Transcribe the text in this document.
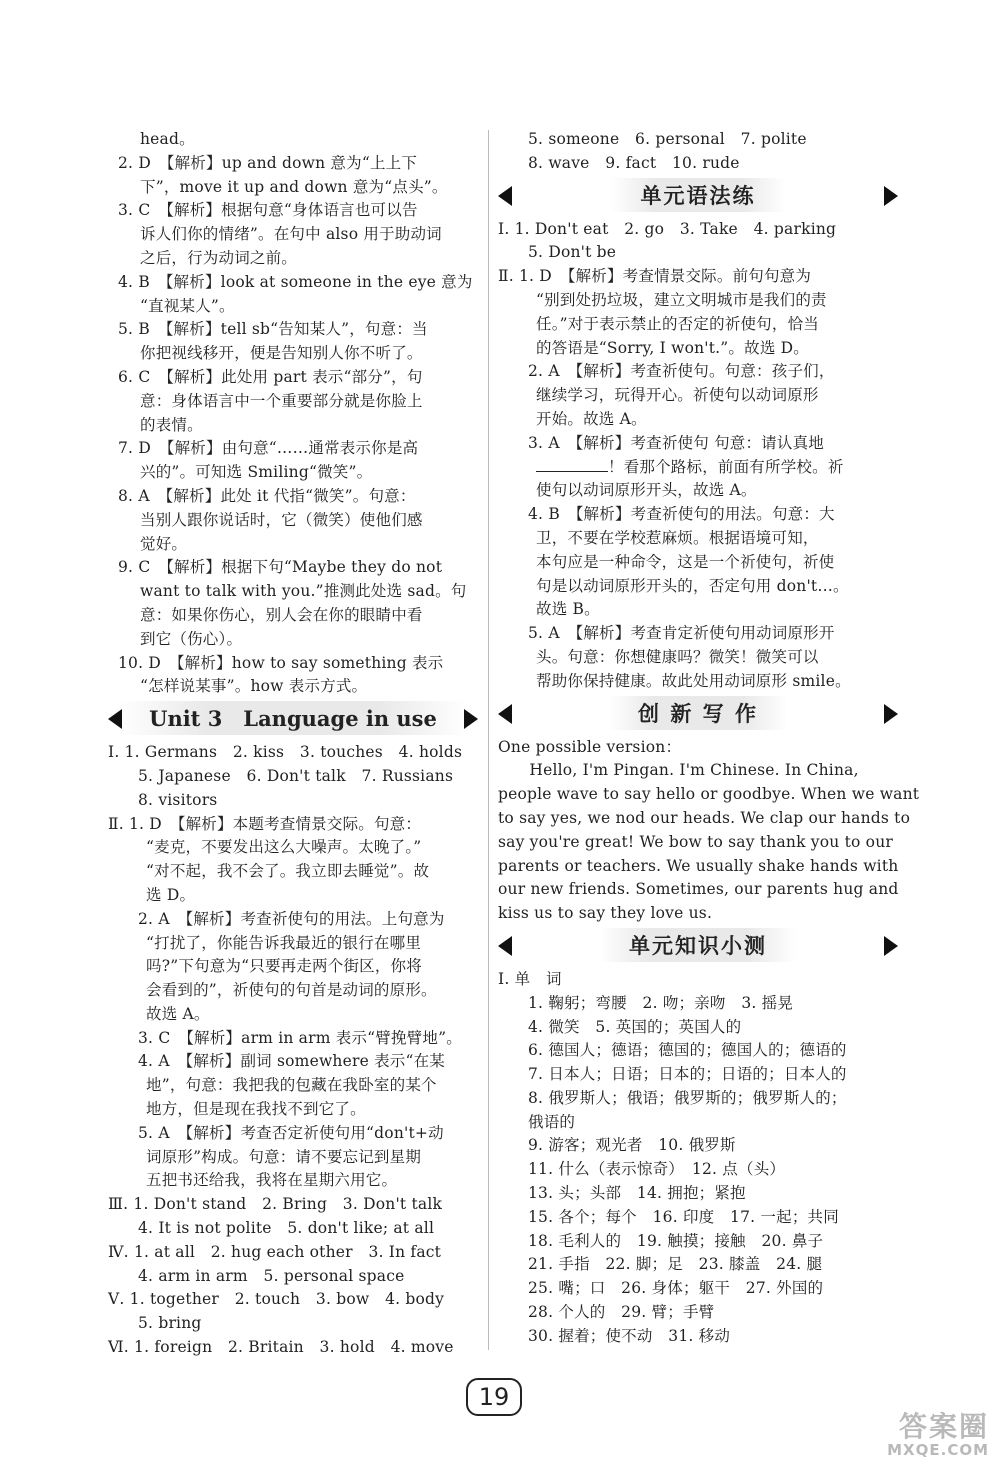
head。

2. D　【解析】up and down 意为“上上下

下”，move it up and down 意为“点头”。

3. C　【解析】根据句意“身体语言也可以告

诉人们你的情绪”。在句中 also 用于助动词

之后，行为动词之前。

4. B　【解析】look at someone in the eye 意为

“直视某人”。

5. B　【解析】tell sb“告知某人”，句意：当

你把视线移开，便是告知别人你不听了。

6. C　【解析】此处用 part 表示“部分”，句

意：身体语言中一个重要部分就是你脸上

的表情。

7. D　【解析】由句意“……通常表示你是高

兴的”。可知选 Smiling“微笑”。

8. A　【解析】此处 it 代指“微笑”。句意：

当别人跟你说话时，它（微笑）使他们感

觉好。

9. C　【解析】根据下句“Maybe they do not

want to talk with you.”推测此处选 sad。句

意：如果你伤心，别人会在你的眼睛中看

到它（伤心）。

10. D　【解析】how to say something 表示

“怎样说某事”。how 表示方式。

Unit 3　Language in use

Ⅰ. 1. Germans　2. kiss　3. touches　4. holds

5. Japanese　6. Don't talk　7. Russians

8. visitors

Ⅱ. 1. D　【解析】本题考查情景交际。句意：

“麦克，不要发出这么大噪声。太晚了。”

“对不起，我不会了。我立即去睡觉”。故

选 D。

2. A　【解析】考查祈使句的用法。上句意为

“打扰了，你能告诉我最近的银行在哪里

吗?”下句意为“只要再走两个街区，你将

会看到的”，祈使句的句首是动词的原形。

故选 A。

3. C　【解析】arm in arm 表示“臂挽臂地”。

4. A　【解析】副词 somewhere 表示“在某

地”，句意：我把我的包藏在我卧室的某个

地方，但是现在我找不到它了。

5. A　【解析】考查否定祈使句用“don't+动

词原形”构成。句意：请不要忘记到星期

五把书还给我，我将在星期六用它。

Ⅲ. 1. Don't stand　2. Bring　3. Don't talk

4. It is not polite　5. don't like; at all

Ⅳ. 1. at all　2. hug each other　3. In fact

4. arm in arm　5. personal space

Ⅴ. 1. together　2. touch　3. bow　4. body

5. bring

Ⅵ. 1. foreign　2. Britain　3. hold　4. move

5. someone　6. personal　7. polite

8. wave　9. fact　10. rude

单元语法练

Ⅰ. 1. Don't eat　2. go　3. Take　4. parking

5. Don't be

Ⅱ. 1. D　【解析】考查情景交际。前句句意为

“别到处扔垃圾，建立文明城市是我们的责

任。”对于表示禁止的否定的祈使句，恰当

的答语是“Sorry, I won't.”。故选 D。

2. A　【解析】考查祈使句。句意：孩子们，

继续学习，玩得开心。祈使句以动词原形

开始。故选 A。

3. A　【解析】考查祈使句 句意：请认真地

！看那个路标，前面有所学校。祈

使句以动词原形开头，故选 A。

4. B　【解析】考查祈使句的用法。句意：大

卫，不要在学校惹麻烦。根据语境可知，

本句应是一种命令，这是一个祈使句，祈使

句是以动词原形开头的，否定句用 don't…。

故选 B。

5. A　【解析】考查肯定祈使句用动词原形开

头。句意：你想健康吗？微笑！微笑可以

帮助你保持健康。故此处用动词原形 smile。

创 新 写 作

One possible version：

　　Hello, I'm Pingan. I'm Chinese. In China,

people wave to say hello or goodbye. When we want

to say yes, we nod our heads. We clap our hands to

say you're great! We bow to say thank you to our

parents or teachers. We usually shake hands with

our new friends. Sometimes, our parents hug and

kiss us to say they love us.

单元知识小测

Ⅰ. 单　词

1. 鞠躬；弯腰　2. 吻；亲吻　3. 摇晃

4. 微笑　5. 英国的；英国人的

6. 德国人；德语；德国的；德国人的；德语的

7. 日本人；日语；日本的；日语的；日本人的

8. 俄罗斯人；俄语；俄罗斯的；俄罗斯人的；

俄语的

9. 游客；观光者　10. 俄罗斯

11. 什么（表示惊奇）　12. 点（头）

13. 头；头部　14. 拥抱；紧抱

15. 各个；每个　16. 印度　17. 一起；共同

18. 毛利人的　19. 触摸；接触　20. 鼻子

21. 手指　22. 脚；足　23. 膝盖　24. 腿

25. 嘴；口　26. 身体；躯干　27. 外国的

28. 个人的　29. 臂；手臂

30. 握着；使不动　31. 移动

19
答案圈
MXQE.COM
